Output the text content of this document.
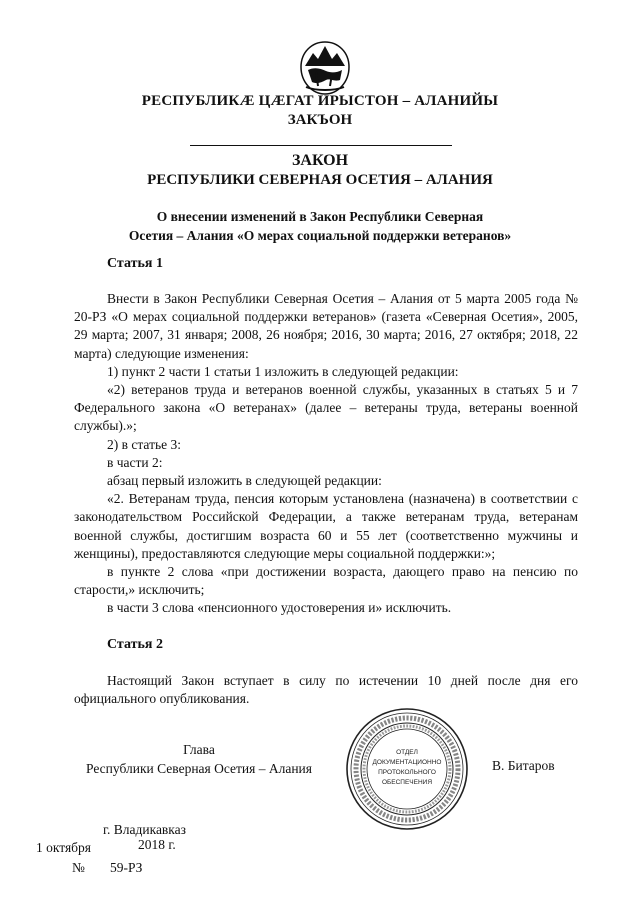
РЕСПУБЛИКӔ ЦӔГАТ ИРЫСТОН – АЛАНИЙЫ
ЗАКЪОН
ЗАКОН
РЕСПУБЛИКИ СЕВЕРНАЯ ОСЕТИЯ – АЛАНИЯ
О внесении изменений в Закон Республики Северная
Осетия – Алания «О мерах социальной поддержки ветеранов»
Статья 1

Внести в Закон Республики Северная Осетия – Алания от 5 марта 2005 года № 20-РЗ «О мерах социальной поддержки ветеранов» (газета «Северная Осетия», 2005, 29 марта; 2007, 31 января; 2008, 26 ноября; 2016, 30 марта; 2016, 27 октября; 2018, 22 марта) следующие изменения:

1) пункт 2 части 1 статьи 1 изложить в следующей редакции:

«2) ветеранов труда и ветеранов военной службы, указанных в статьях 5 и 7 Федерального закона «О ветеранах» (далее – ветераны труда, ветераны военной службы).»;

2) в статье 3:

в части 2:

абзац первый изложить в следующей редакции:

«2. Ветеранам труда, пенсия которым установлена (назначена) в соответствии с законодательством Российской Федерации, а также ветеранам труда, ветеранам военной службы, достигшим возраста 60 и 55 лет (соответственно мужчины и женщины), предоставляются следующие меры социальной поддержки:»;

в пункте 2 слова «при достижении возраста, дающего право на пенсию по старости,» исключить;

в части 3 слова «пенсионного удостоверения и» исключить.

Статья 2

Настоящий Закон вступает в силу по истечении 10 дней после дня его официального опубликования.

Глава
Республики Северная Осетия – Алания
ОТДЕЛ
ДОКУМЕНТАЦИОННО
ПРОТОКОЛЬНОГО
ОБЕСПЕЧЕНИЯ
В. Битаров
г. Владикавказ
1 октября	2018 г.
№ 59-РЗ
